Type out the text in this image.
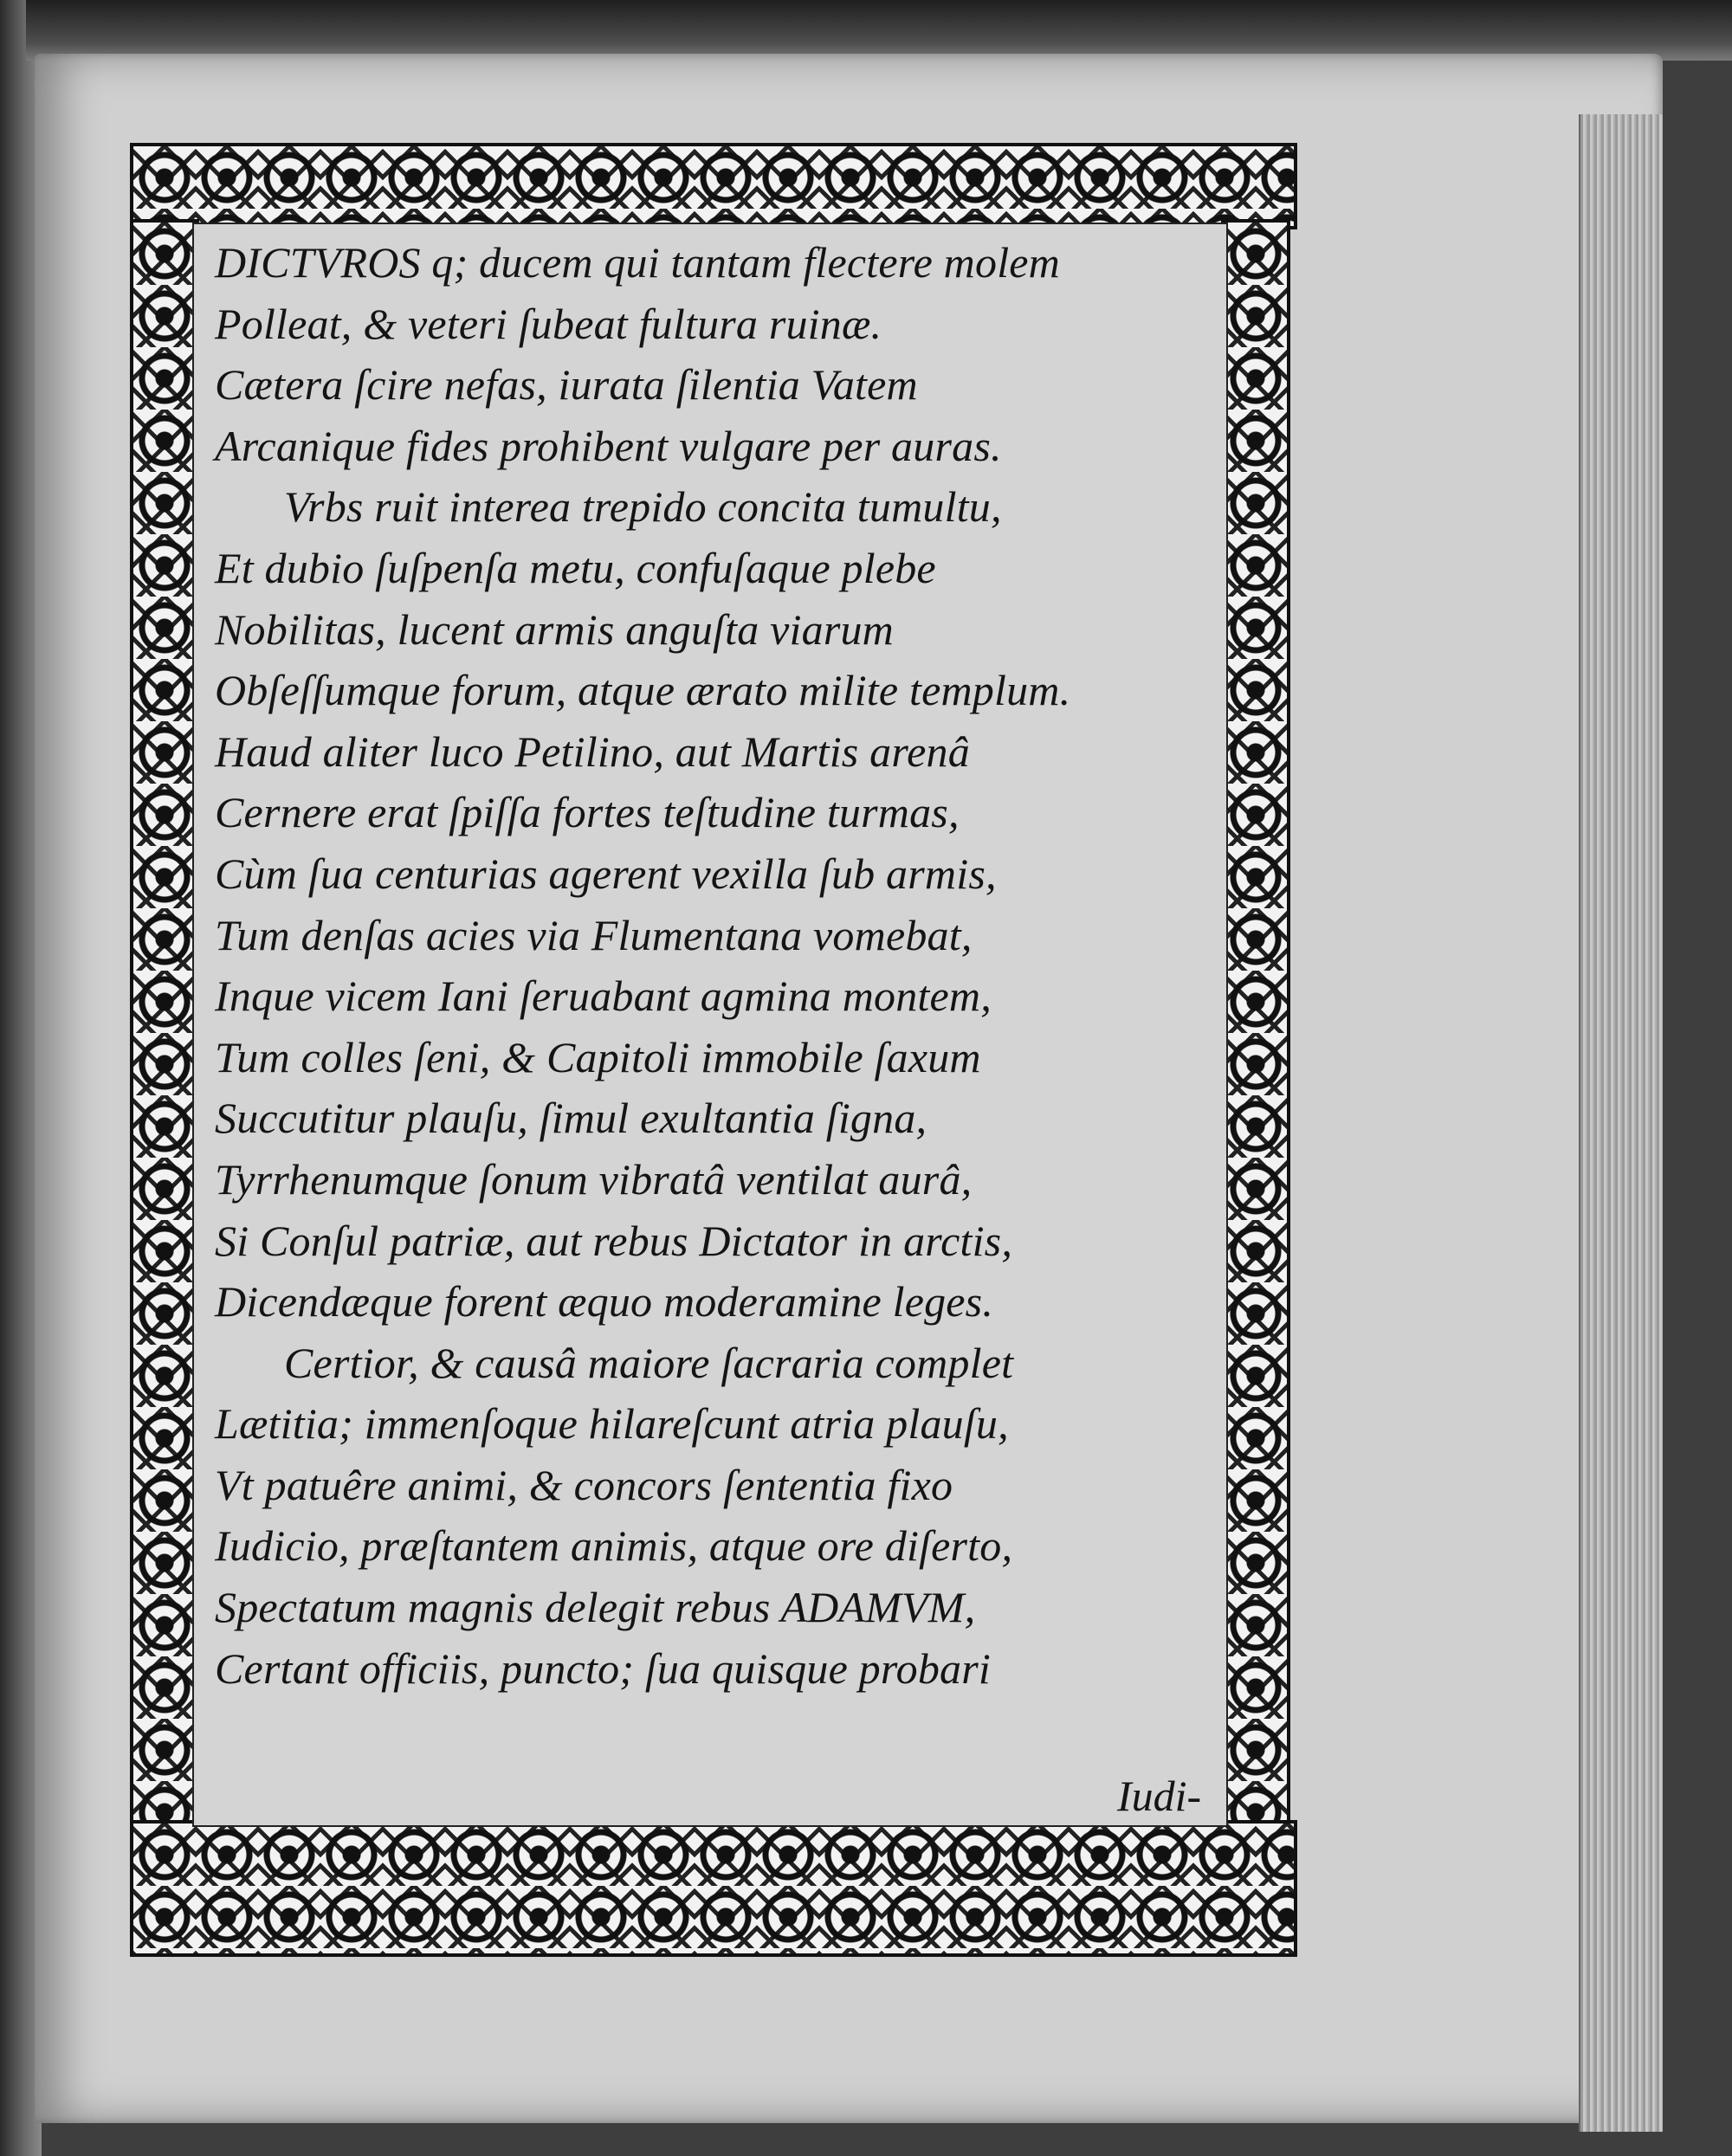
DICTVROS q; ducem qui tantam flectere molem
Polleat, & veteri ſubeat fultura ruinæ.
Cætera ſcire nefas, iurata ſilentia Vatem
Arcanique fides prohibent vulgare per auras.
Vrbs ruit interea trepido concita tumultu,
Et dubio ſuſpenſa metu, confuſaque plebe
Nobilitas, lucent armis anguſta viarum
Obſeſſumque forum, atque ærato milite templum.
Haud aliter luco Petilino, aut Martis arenâ
Cernere erat ſpiſſa fortes teſtudine turmas,
Cùm ſua centurias agerent vexilla ſub armis,
Tum denſas acies via Flumentana vomebat,
Inque vicem Iani ſeruabant agmina montem,
Tum colles ſeni, & Capitoli immobile ſaxum
Succutitur plauſu, ſimul exultantia ſigna,
Tyrrhenumque ſonum vibratâ ventilat aurâ,
Si Conſul patriæ, aut rebus Dictator in arctis,
Dicendæque forent æquo moderamine leges.
Certior, & causâ maiore ſacraria complet
Lætitia; immenſoque hilareſcunt atria plauſu,
Vt patuêre animi, & concors ſententia fixo
Iudicio, præſtantem animis, atque ore diſerto,
Spectatum magnis delegit rebus ADAMVM,
Certant officiis, puncto; ſua quisque probari
Iudi-
